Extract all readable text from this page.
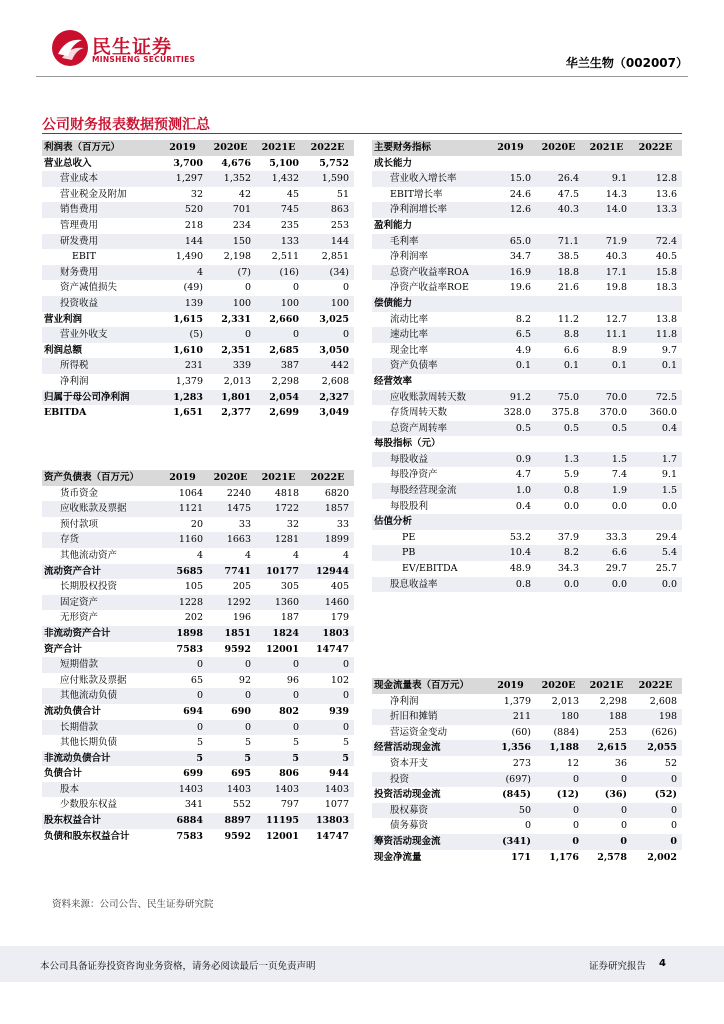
民生证券
MINSHENG SECURITIES	华兰生物（002007）
公司财务报表数据预测汇总
利润表（百万元）	2019	2020E	2021E	2022E
营业总收入	3,700	4,676	5,100	5,752
营业成本	1,297	1,352	1,432	1,590
营业税金及附加	32	42	45	51
销售费用	520	701	745	863
管理费用	218	234	235	253
研发费用	144	150	133	144
EBIT	1,490	2,198	2,511	2,851
财务费用	4	(7)	(16)	(34)
资产减值损失	(49)	0	0	0
投资收益	139	100	100	100
营业利润	1,615	2,331	2,660	3,025
营业外收支	(5)	0	0	0
利润总额	1,610	2,351	2,685	3,050
所得税	231	339	387	442
净利润	1,379	2,013	2,298	2,608
归属于母公司净利润	1,283	1,801	2,054	2,327
EBITDA	1,651	2,377	2,699	3,049
资产负债表（百万元）	2019	2020E	2021E	2022E
货币资金	1064	2240	4818	6820
应收账款及票据	1121	1475	1722	1857
预付款项	20	33	32	33
存货	1160	1663	1281	1899
其他流动资产	4	4	4	4
流动资产合计	5685	7741	10177	12944
长期股权投资	105	205	305	405
固定资产	1228	1292	1360	1460
无形资产	202	196	187	179
非流动资产合计	1898	1851	1824	1803
资产合计	7583	9592	12001	14747
短期借款	0	0	0	0
应付账款及票据	65	92	96	102
其他流动负债	0	0	0	0
流动负债合计	694	690	802	939
长期借款	0	0	0	0
其他长期负债	5	5	5	5
非流动负债合计	5	5	5	5
负债合计	699	695	806	944
股本	1403	1403	1403	1403
少数股东权益	341	552	797	1077
股东权益合计	6884	8897	11195	13803
负债和股东权益合计	7583	9592	12001	14747
主要财务指标	2019	2020E	2021E	2022E
成长能力				
营业收入增长率	15.0	26.4	9.1	12.8
EBIT增长率	24.6	47.5	14.3	13.6
净利润增长率	12.6	40.3	14.0	13.3
盈利能力				
毛利率	65.0	71.1	71.9	72.4
净利润率	34.7	38.5	40.3	40.5
总资产收益率ROA	16.9	18.8	17.1	15.8
净资产收益率ROE	19.6	21.6	19.8	18.3
偿债能力				
流动比率	8.2	11.2	12.7	13.8
速动比率	6.5	8.8	11.1	11.8
现金比率	4.9	6.6	8.9	9.7
资产负债率	0.1	0.1	0.1	0.1
经营效率				
应收账款周转天数	91.2	75.0	70.0	72.5
存货周转天数	328.0	375.8	370.0	360.0
总资产周转率	0.5	0.5	0.5	0.4
每股指标（元）				
每股收益	0.9	1.3	1.5	1.7
每股净资产	4.7	5.9	7.4	9.1
每股经营现金流	1.0	0.8	1.9	1.5
每股股利	0.4	0.0	0.0	0.0
估值分析				
PE	53.2	37.9	33.3	29.4
PB	10.4	8.2	6.6	5.4
EV/EBITDA	48.9	34.3	29.7	25.7
股息收益率	0.8	0.0	0.0	0.0
现金流量表（百万元）	2019	2020E	2021E	2022E
净利润	1,379	2,013	2,298	2,608
折旧和摊销	211	180	188	198
营运资金变动	(60)	(884)	253	(626)
经营活动现金流	1,356	1,188	2,615	2,055
资本开支	273	12	36	52
投资	(697)	0	0	0
投资活动现金流	(845)	(12)	(36)	(52)
股权募资	50	0	0	0
债务募资	0	0	0	0
筹资活动现金流	(341)	0	0	0
现金净流量	171	1,176	2,578	2,002
资料来源：公司公告、民生证券研究院
本公司具备证券投资咨询业务资格，请务必阅读最后一页免责声明	证券研究报告 4
